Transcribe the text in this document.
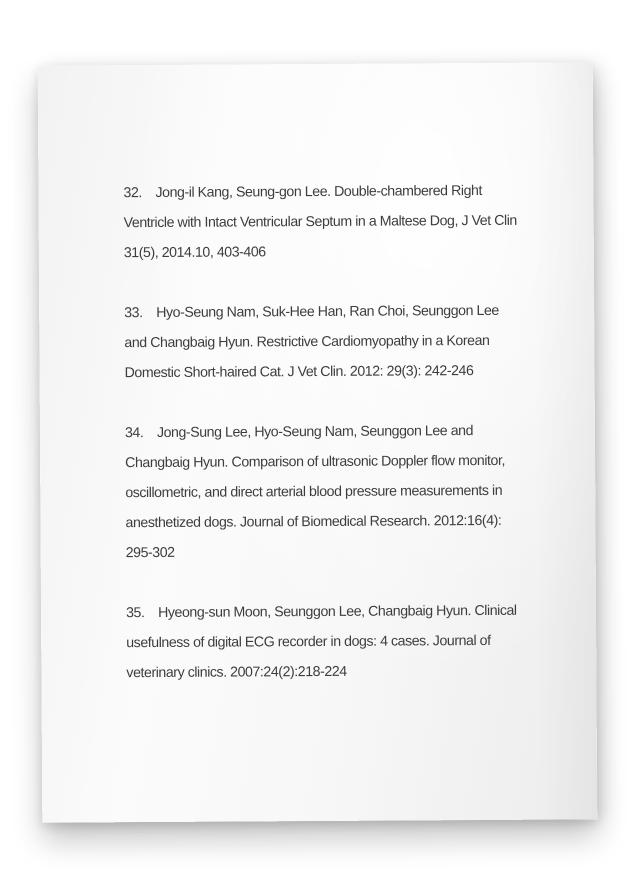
32. Jong-il Kang, Seung-gon Lee. Double-chambered Right Ventricle with Intact Ventricular Septum in a Maltese Dog, J Vet Clin 31(5), 2014.10, 403-406
33. Hyo-Seung Nam, Suk-Hee Han, Ran Choi, Seunggon Lee and Changbaig Hyun. Restrictive Cardiomyopathy in a Korean Domestic Short-haired Cat. J Vet Clin. 2012: 29(3): 242-246
34. Jong-Sung Lee, Hyo-Seung Nam, Seunggon Lee and Changbaig Hyun. Comparison of ultrasonic Doppler flow monitor, oscillometric, and direct arterial blood pressure measurements in anesthetized dogs. Journal of Biomedical Research. 2012:16(4): 295-302
35. Hyeong-sun Moon, Seunggon Lee, Changbaig Hyun. Clinical usefulness of digital ECG recorder in dogs: 4 cases. Journal of veterinary clinics. 2007:24(2):218-224
